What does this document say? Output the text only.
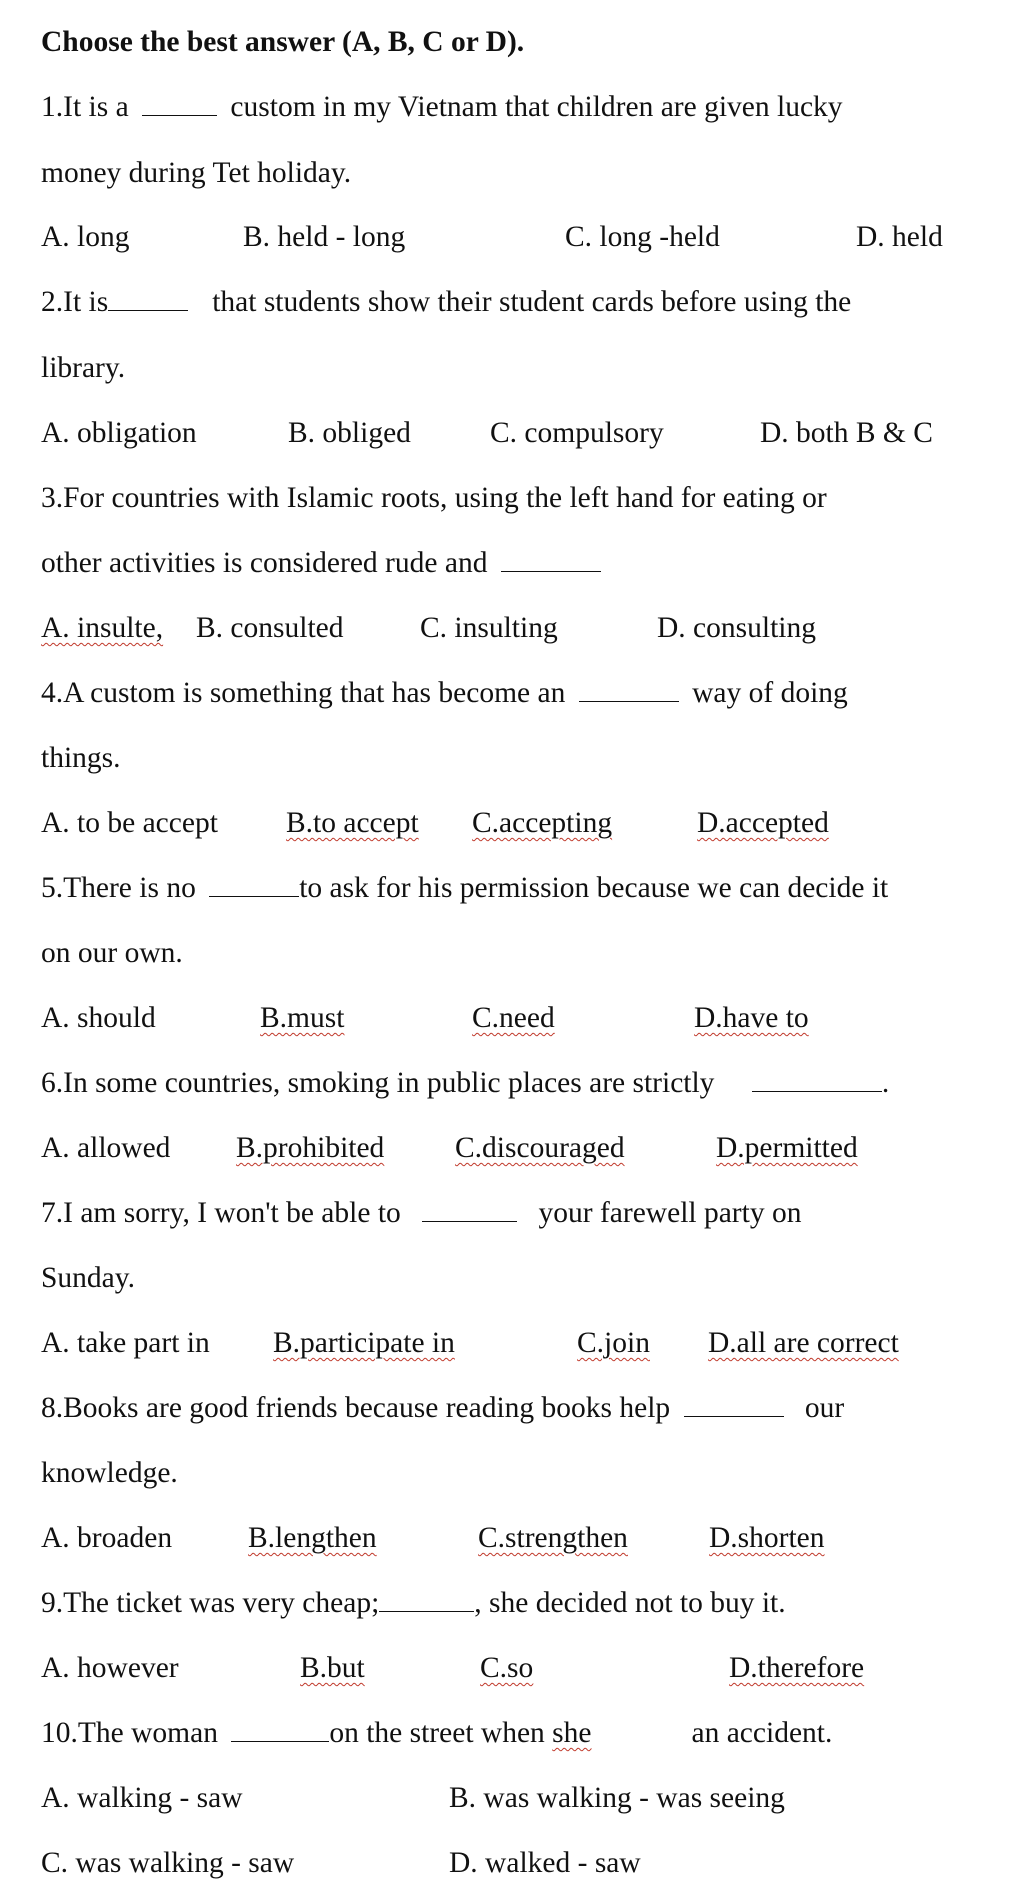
Choose the best answer (A, B, C or D).
1.It is a	custom in my Vietnam that children are given lucky
money during Tet holiday.
A. long	B. held - long	C. long -held	D. held
2.It is	that students show their student cards before using the
library.
A. obligation	B. obliged	C. compulsory	D. both B & C
3.For countries with Islamic roots, using the left hand for eating or
other activities is considered rude and
A. insulte, B. consulted	C. insulting	D. consulting
4.A custom is something that has become an	way of doing
things.
A. to be accept B.to accept C.accepting	D.accepted
5.There is no	to ask for his permission because we can decide it
on our own.
A. should	B.must	C.need	D.have to
6.In some countries, smoking in public places are strictly	.
A. allowed B.prohibited C.discouraged	D.permitted
7.I am sorry, I won't be able to	your farewell party on
Sunday.
A. take part in B.participate in	C.join D.all are correct
8.Books are good friends because reading books help	our
knowledge.
A. broaden	B.lengthen	C.strengthen	D.shorten
9.The ticket was very cheap;	, she decided not to buy it.
A. however	B.but	C.so	D.therefore
10.The woman	on the street when she	an accident.
A. walking - saw	B. was walking - was seeing
C. was walking - saw	D. walked - saw
